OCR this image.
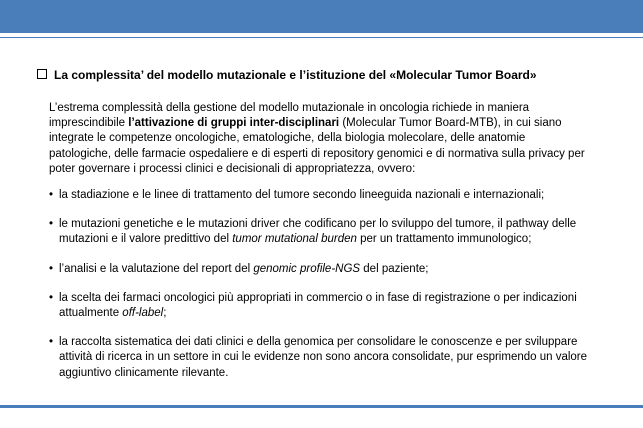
La complessita’ del modello mutazionale e l’istituzione del «Molecular Tumor Board»

L’estrema complessità della gestione del modello mutazionale in oncologia richiede in maniera imprescindibile l’attivazione di gruppi inter-disciplinari (Molecular Tumor Board-MTB), in cui siano integrate le competenze oncologiche, ematologiche, della biologia molecolare, delle anatomie patologiche, delle farmacie ospedaliere e di esperti di repository genomici e di normativa sulla privacy per poter governare i processi clinici e decisionali di appropriatezza, ovvero:

• la stadiazione e le linee di trattamento del tumore secondo lineeguida nazionali e internazionali;
• le mutazioni genetiche e le mutazioni driver che codificano per lo sviluppo del tumore, il pathway delle mutazioni e il valore predittivo del tumor mutational burden per un trattamento immunologico;
• l’analisi e la valutazione del report del genomic profile-NGS del paziente;
• la scelta dei farmaci oncologici più appropriati in commercio o in fase di registrazione o per indicazioni attualmente off-label;
• la raccolta sistematica dei dati clinici e della genomica per consolidare le conoscenze e per sviluppare attività di ricerca in un settore in cui le evidenze non sono ancora consolidate, pur esprimendo un valore aggiuntivo clinicamente rilevante.
